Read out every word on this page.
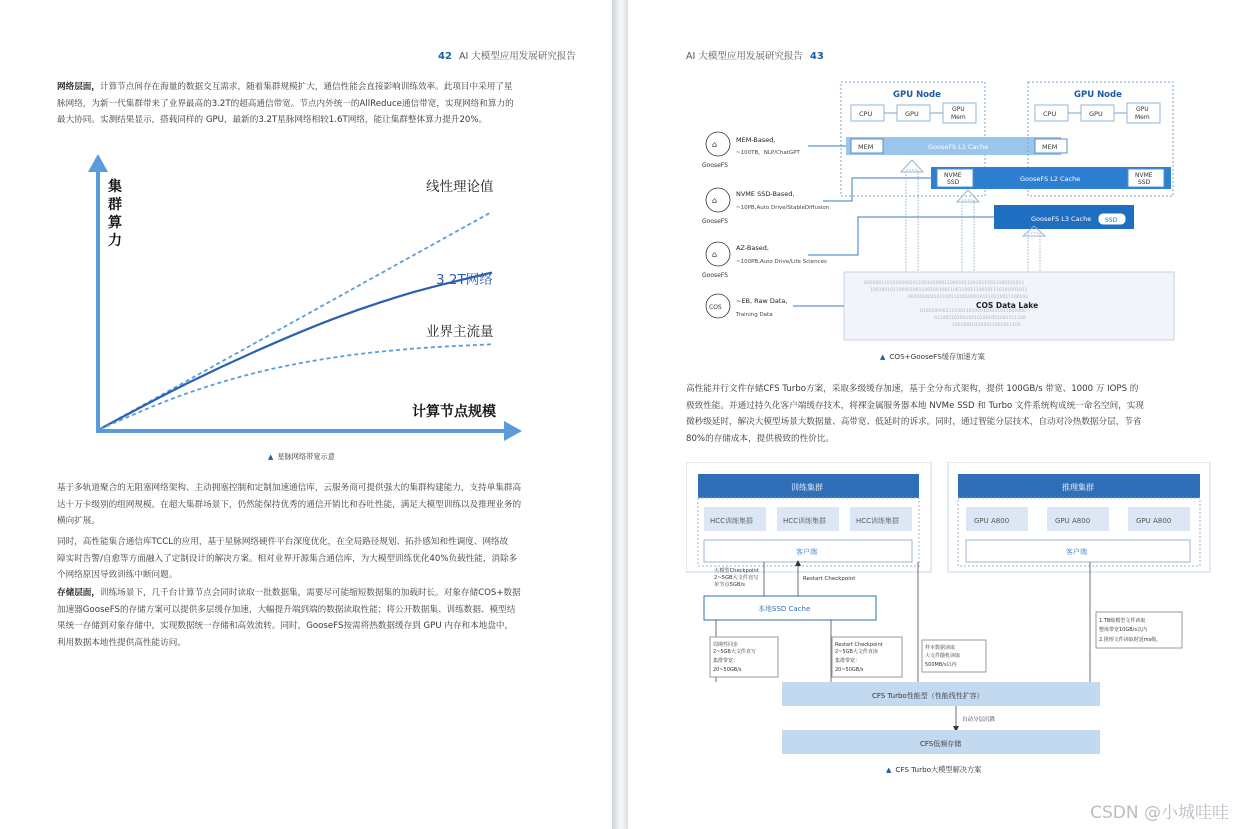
42 AI 大模型应用发展研究报告
网络层面，计算节点间存在海量的数据交互需求，随着集群规模扩大，通信性能会直接影响训练效率。此项目中采用了星
脉网络，为新一代集群带来了业界最高的3.2T的超高通信带宽。节点内外统一的AllReduce通信带宽，实现网络和算力的
最大协同。实测结果显示，搭载同样的 GPU，最新的3.2T星脉网络相较1.6T网络，能让集群整体算力提升20%。
集
群
算
力
计算节点规模
线性理论值
3.2T网络
业界主流量
▲ 星脉网络带宽示意
基于多轨道聚合的无阻塞网络架构、主动拥塞控制和定制加速通信库，云服务商可提供强大的集群构建能力，支持单集群高
达十万卡级别的组网规模。在超大集群场景下，仍然能保持优秀的通信开销比和吞吐性能，满足大模型训练以及推理业务的
横向扩展。
同时，高性能集合通信库TCCL的应用，基于星脉网络硬件平台深度优化，在全局路径规划、拓扑感知和性调度、网络故
障实时告警/自愈等方面融入了定制设计的解决方案。相对业界开源集合通信库，为大模型训练优化40%负载性能，消除多
个网络原因导致训练中断问题。
存储层面，训练场景下，几千台计算节点会同时读取一批数据集，需要尽可能缩短数据集的加载时长。对象存储COS+数据
加速器GooseFS的存储方案可以提供多层缓存加速，大幅提升端到端的数据读取性能；将公开数据集、训练数据、模型结
果统一存储到对象存储中，实现数据统一存储和高效流转。同时，GooseFS按需将热数据缓存到 GPU 内存和本地盘中，
利用数据本地性提供高性能访问。
AI 大模型应用发展研究报告 43
GPU Node
CPU	GPU
GPU
Mem
MEM	GooseFS L1 Cache
GPU Node
CPU	GPU
GPU
Mem
MEM
NVME
SSD	GooseFS L2 Cache	NVME
SSD
GooseFS L3 Cache SSD
00010011010100001011001010001100010111010110011100101011
1001001011000010011001001001100110011100101110101001011
001001001101100110101000101110110011100101
0100100001111001101000101111011001000
01100110100100101001001001111100
100100101001011001011101
COS Data Lake
⌂
GooseFS
MEM-Based,
~100TB，NLP/ChatGPT
⌂
GooseFS
NVME SSD-Based,
~10PB,Auto Drive/StableDiffusion
⌂
GooseFS
AZ-Based,
~100PB,Auto Drive/Life Sciences
COS
~EB, Raw Data,
Training Data
▲ COS+GooseFS缓存加速方案
高性能并行文件存储CFS Turbo方案，采取多级缓存加速，基于全分布式架构，提供 100GB/s 带宽、1000 万 IOPS 的
极致性能。并通过持久化客户端缓存技术，将裸金属服务器本地 NVMe SSD 和 Turbo 文件系统构成统一命名空间，实现
微秒级延时，解决大模型场景大数据量、高带宽、低延时的诉求。同时，通过智能分层技术，自动对冷热数据分层，节省
80%的存储成本，提供极致的性价比。
训练集群
HCC训练集群	HCC训练集群	HCC训练集群
客户端
推理集群
GPU A800	GPU A800	GPU A800
客户端
大模型Checkpoint
2~5GB大文件直写
单节点5GB/s
Restart Checkpoint
本地SSD Cache
周期性同步
2~5GB大文件直写
集群带宽：
20~50GB/s
Restart Checkpoint
2~5GB大文件直读
集群带宽：
20~50GB/s
样本数据读取
大文件随机读取
500MB/s以内
1.TB级模型文件读取
整体带宽10GB/s以内
2.推理文件读取时延ms级。
CFS Turbo性能型（性能线性扩容）
自动分层沉降
CFS低频存储
▲ CFS Turbo大模型解决方案
CSDN @小城哇哇
